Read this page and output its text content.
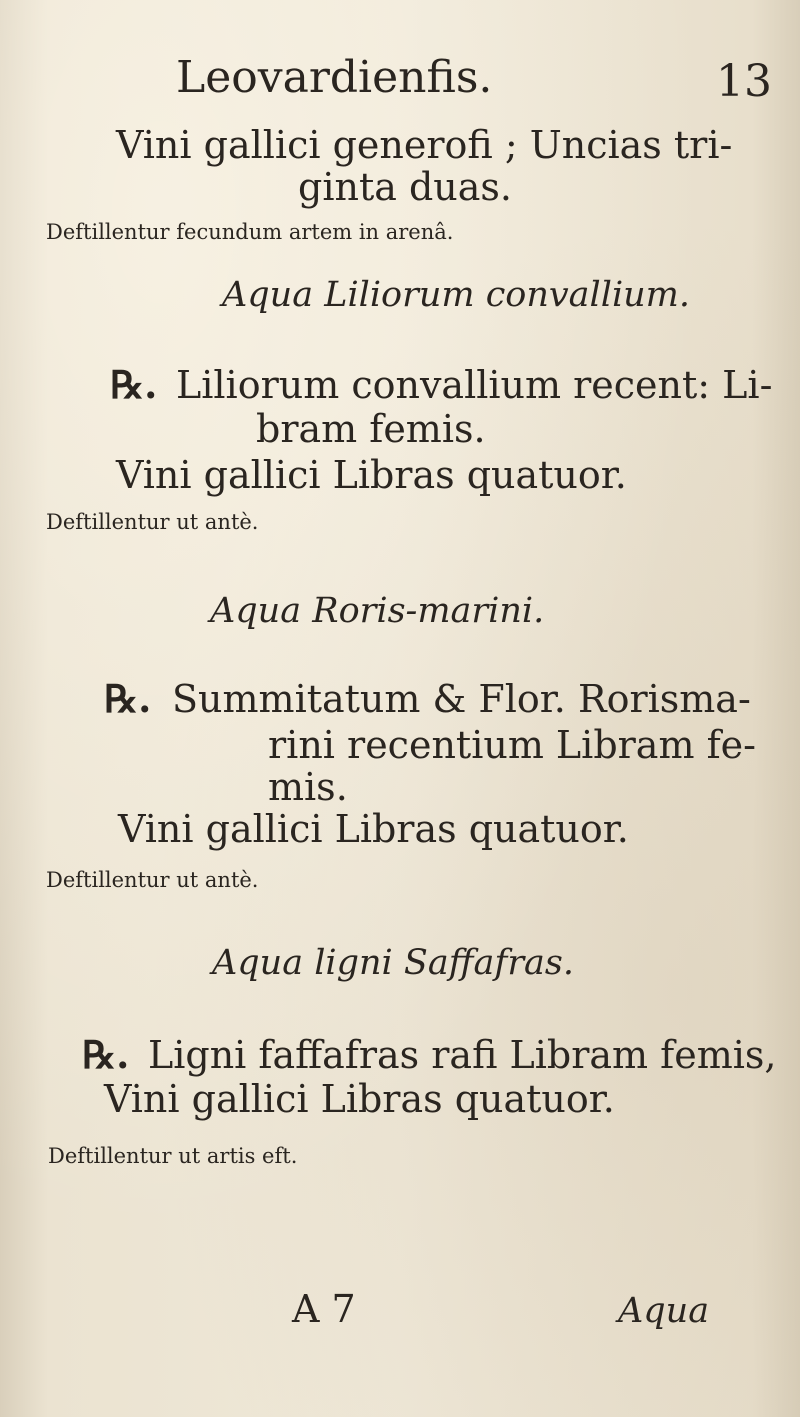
Leovardienfis.	13
Vini gallici generofi ; Uncias tri-
ginta duas.
Deftillentur fecundum artem in arenâ.
Aqua Liliorum convallium.
℞. Liliorum convallium recent: Li-
bram femis.
Vini gallici Libras quatuor.
Deftillentur ut antè.
Aqua Roris-marini.
℞. Summitatum & Flor. Rorisma-
rini recentium Libram fe-
mis.
Vini gallici Libras quatuor.
Deftillentur ut antè.
Aqua ligni Saffafras.
℞. Ligni faffafras rafi Libram femis,
Vini gallici Libras quatuor.
Deftillentur ut artis eft.
A 7	Aqua
